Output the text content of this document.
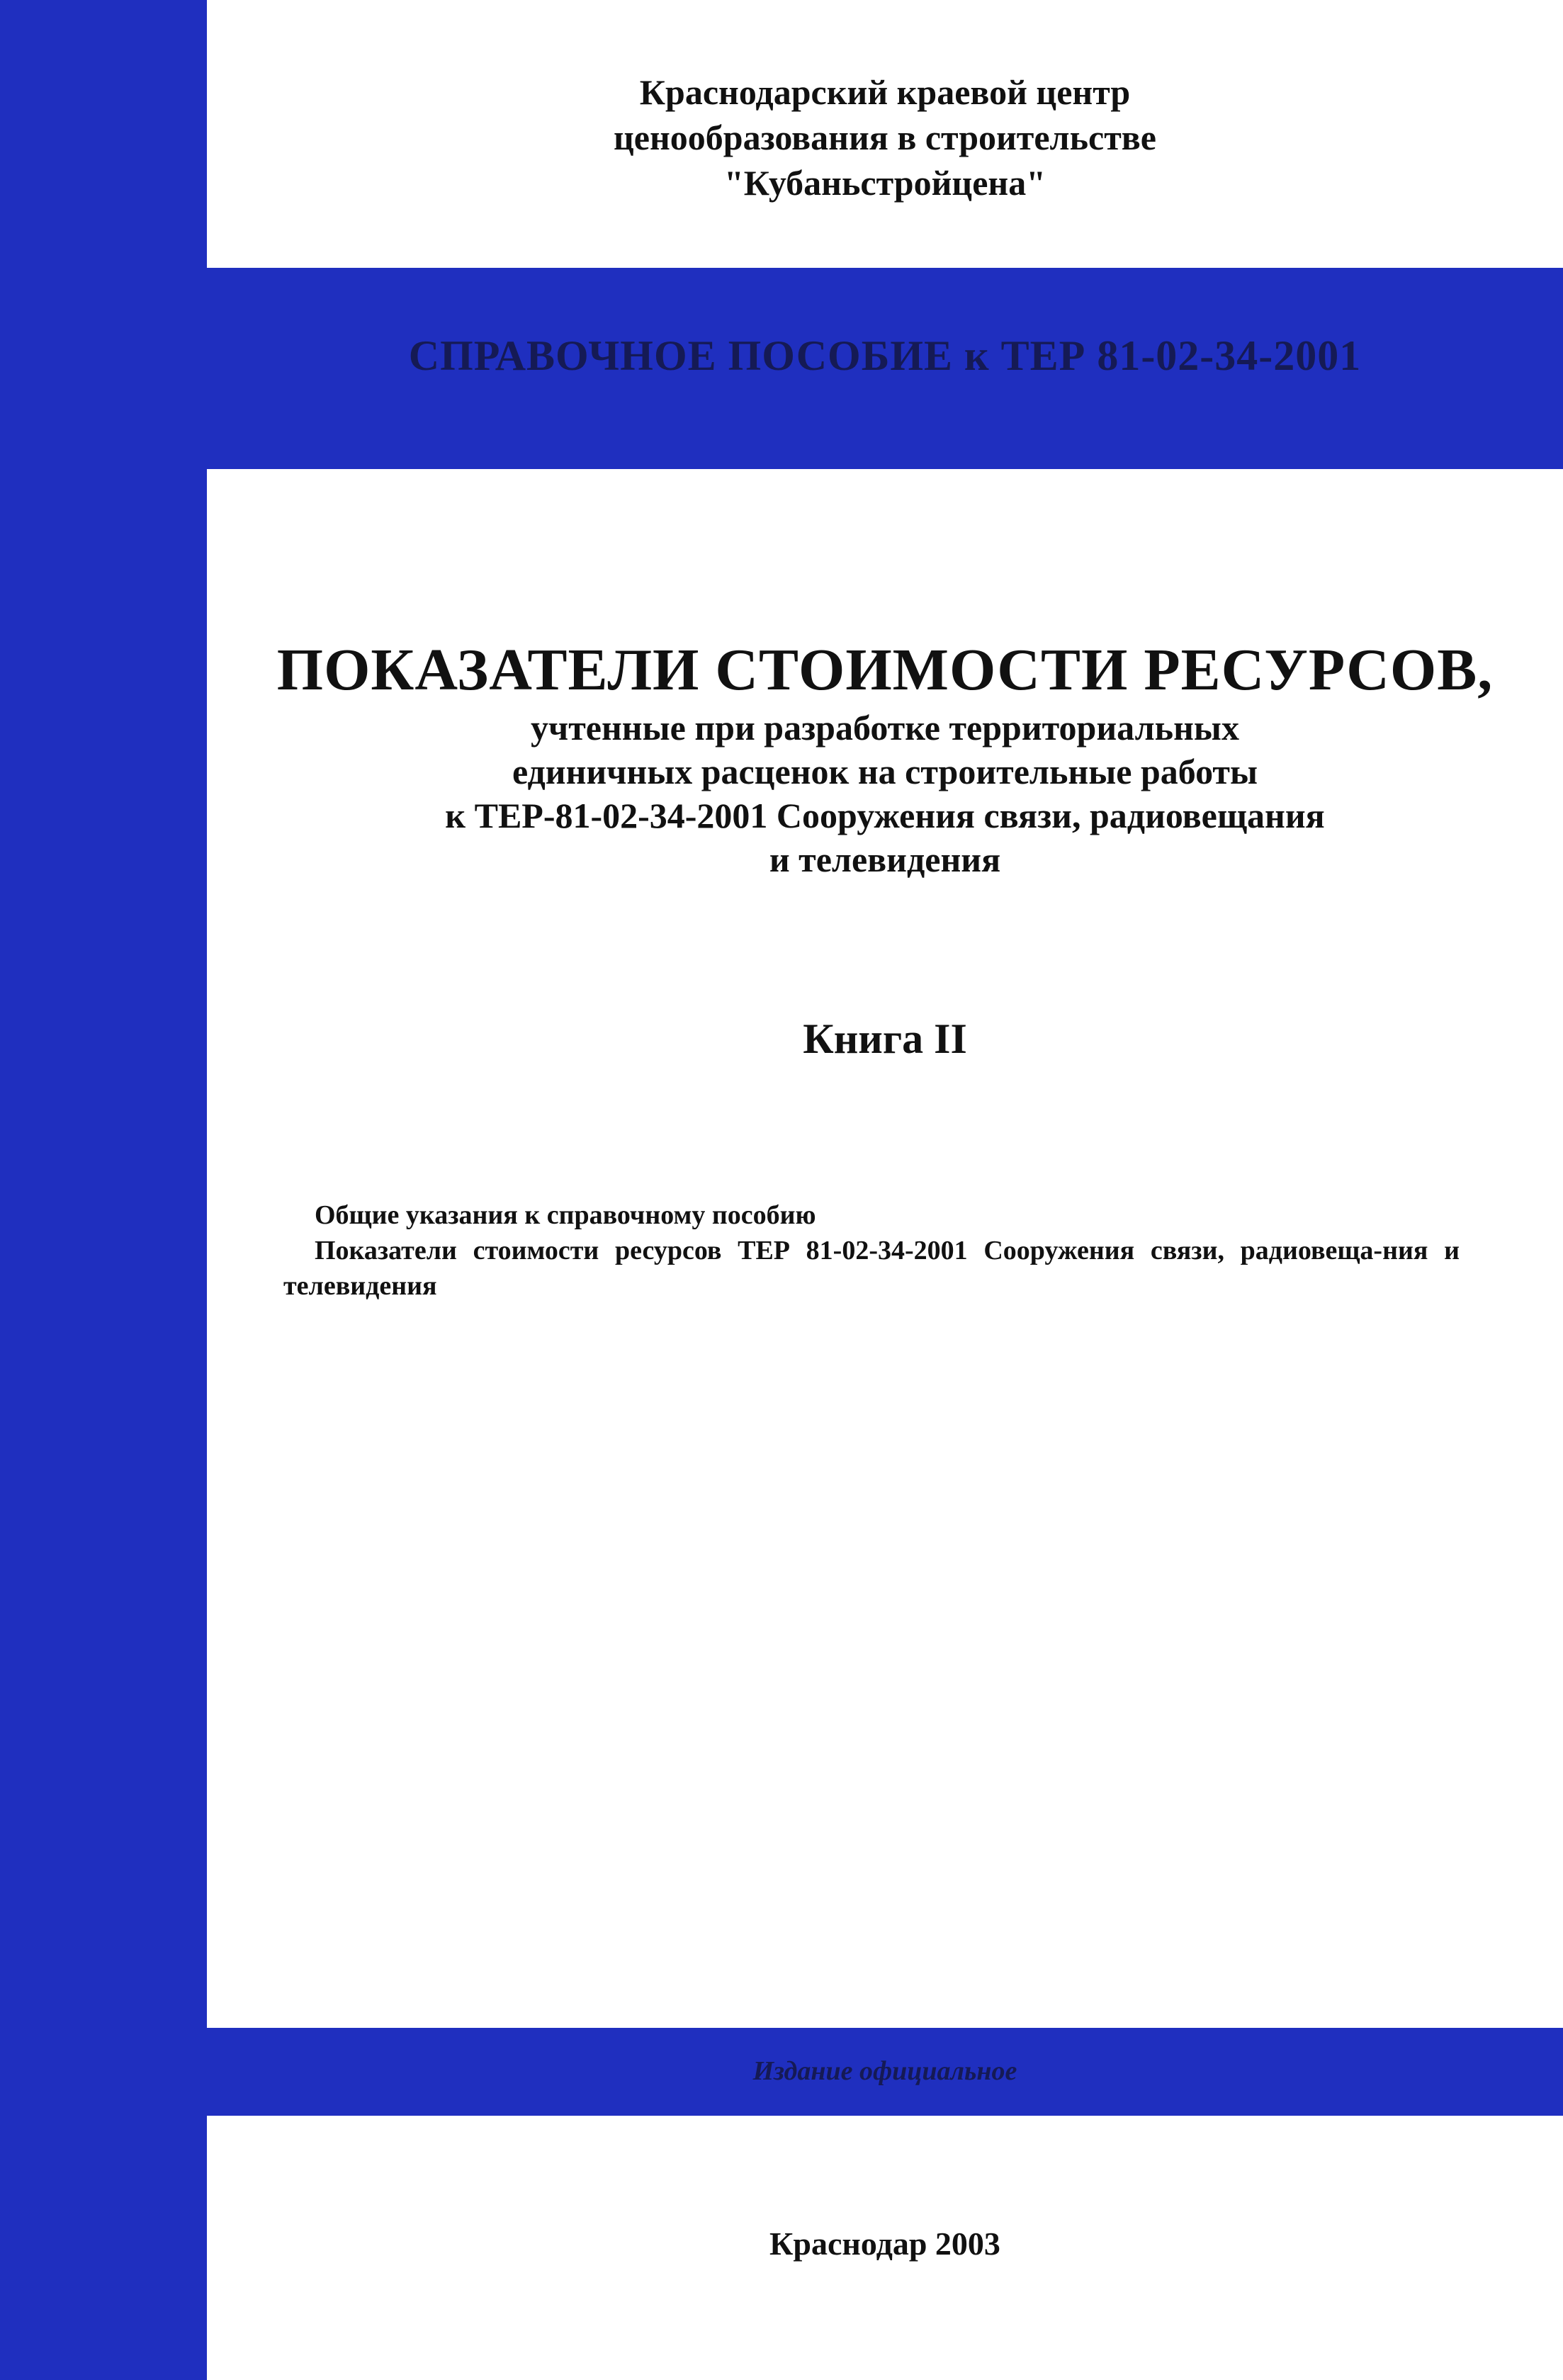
Краснодарский краевой центр
ценообразования в строительстве
"Кубаньстройцена"
СПРАВОЧНОЕ ПОСОБИЕ к ТЕР 81-02-34-2001
ПОКАЗАТЕЛИ СТОИМОСТИ РЕСУРСОВ,
учтенные при разработке территориальных
единичных расценок на строительные работы
к ТЕР-81-02-34-2001 Сооружения связи, радиовещания
и телевидения
Книга II
Общие указания к справочному пособию
Показатели стоимости ресурсов ТЕР 81-02-34-2001 Сооружения связи, радиовеща-ния и телевидения
Издание официальное
Краснодар 2003
